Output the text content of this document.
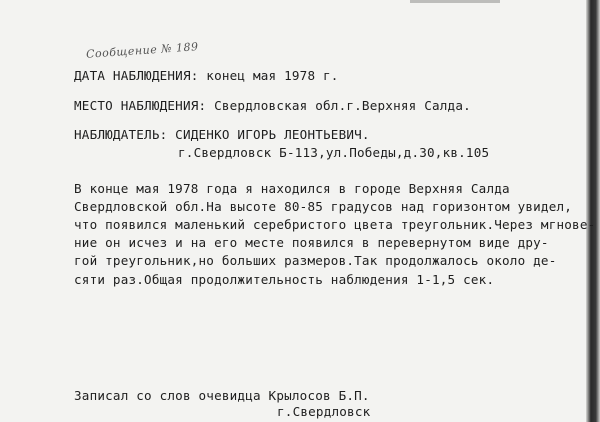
Сообщение № 189
ДАТА НАБЛЮДЕНИЯ: конец мая 1978 г.
МЕСТО НАБЛЮДЕНИЯ: Свердловская обл.г.Верхняя Салда.
НАБЛЮДАТЕЛЬ: СИДЕНКО ИГОРЬ ЛЕОНТЬЕВИЧ.
г.Свердловск Б-113,ул.Победы,д.30,кв.105
В конце мая 1978 года я находился в городе Верхняя Салда
Свердловской обл.На высоте 80-85 градусов над горизонтом увидел,
что появился маленький серебристого цвета треугольник.Через мгнове-
ние он исчез и на его месте появился в перевернутом виде дру-
гой треугольник,но больших размеров.Так продолжалось около де-
сяти раз.Общая продолжительность наблюдения 1-1,5 сек.
Записал со слов очевидца Крылосов Б.П.
г.Свердловск
